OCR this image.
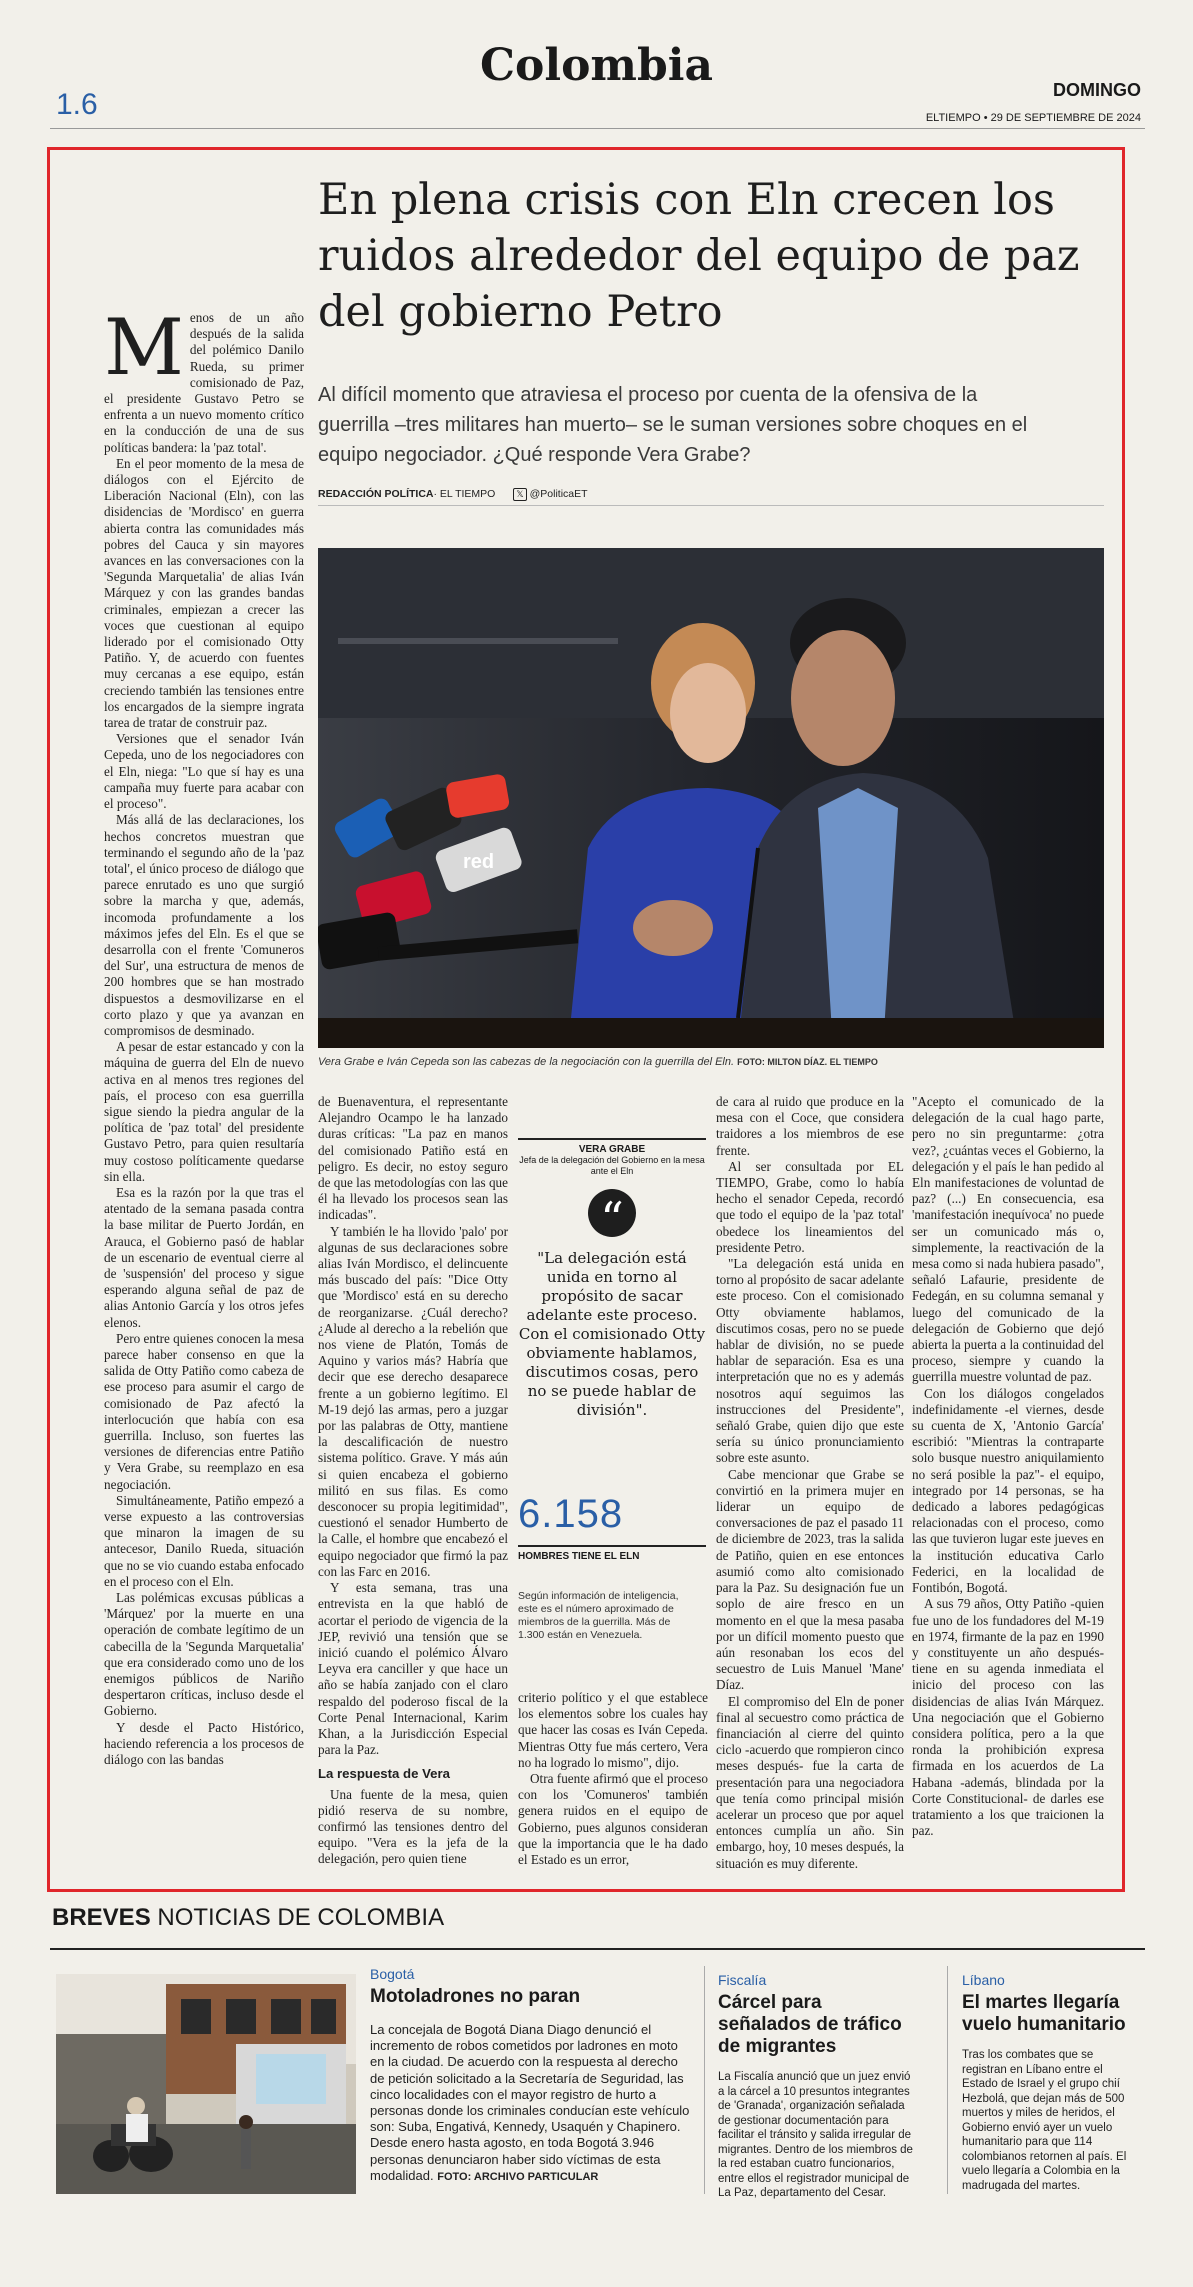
1.6
Colombia	DOMINGO
ELTIEMPO • 29 DE SEPTIEMBRE DE 2024
En plena crisis con Eln crecen los ruidos alrededor del equipo de paz del gobierno Petro
Al difícil momento que atraviesa el proceso por cuenta de la ofensiva de la guerrilla –tres militares han muerto– se le suman versiones sobre choques en el equipo negociador. ¿Qué responde Vera Grabe?
REDACCIÓN POLÍTICA· EL TIEMPO 𝕏 @PoliticaET
red
Vera Grabe e Iván Cepeda son las cabezas de la negociación con la guerrilla del Eln. FOTO: MILTON DÍAZ. EL TIEMPO

Menos de un año después de la salida del polémico Danilo Rueda, su primer comisionado de Paz, el presidente Gustavo Petro se enfrenta a un nuevo momento crítico en la conducción de una de sus políticas bandera: la 'paz total'.

En el peor momento de la mesa de diálogos con el Ejército de Liberación Nacional (Eln), con las disidencias de 'Mordisco' en guerra abierta contra las comunidades más pobres del Cauca y sin mayores avances en las conversaciones con la 'Segunda Marquetalia' de alias Iván Márquez y con las grandes bandas criminales, empiezan a crecer las voces que cuestionan al equipo liderado por el comisionado Otty Patiño. Y, de acuerdo con fuentes muy cercanas a ese equipo, están creciendo también las tensiones entre los encargados de la siempre ingrata tarea de tratar de construir paz.

Versiones que el senador Iván Cepeda, uno de los negociadores con el Eln, niega: "Lo que sí hay es una campaña muy fuerte para acabar con el proceso".

Más allá de las declaraciones, los hechos concretos muestran que terminando el segundo año de la 'paz total', el único proceso de diálogo que parece enrutado es uno que surgió sobre la marcha y que, además, incomoda profundamente a los máximos jefes del Eln. Es el que se desarrolla con el frente 'Comuneros del Sur', una estructura de menos de 200 hombres que se han mostrado dispuestos a desmovilizarse en el corto plazo y que ya avanzan en compromisos de desminado.

A pesar de estar estancado y con la máquina de guerra del Eln de nuevo activa en al menos tres regiones del país, el proceso con esa guerrilla sigue siendo la piedra angular de la política de 'paz total' del presidente Gustavo Petro, para quien resultaría muy costoso políticamente quedarse sin ella.

Esa es la razón por la que tras el atentado de la semana pasada contra la base militar de Puerto Jordán, en Arauca, el Gobierno pasó de hablar de un escenario de eventual cierre al de 'suspensión' del proceso y sigue esperando alguna señal de paz de alias Antonio García y los otros jefes elenos.

Pero entre quienes conocen la mesa parece haber consenso en que la salida de Otty Patiño como cabeza de ese proceso para asumir el cargo de comisionado de Paz afectó la interlocución que había con esa guerrilla. Incluso, son fuertes las versiones de diferencias entre Patiño y Vera Grabe, su reemplazo en esa negociación.

Simultáneamente, Patiño empezó a verse expuesto a las controversias que minaron la imagen de su antecesor, Danilo Rueda, situación que no se vio cuando estaba enfocado en el proceso con el Eln.

Las polémicas excusas públicas a 'Márquez' por la muerte en una operación de combate legítimo de un cabecilla de la 'Segunda Marquetalia' que era considerado como uno de los enemigos públicos de Nariño despertaron críticas, incluso desde el Gobierno.

Y desde el Pacto Histórico, haciendo referencia a los procesos de diálogo con las bandas

de Buenaventura, el representante Alejandro Ocampo le ha lanzado duras críticas: "La paz en manos del comisionado Patiño está en peligro. Es decir, no estoy seguro de que las metodologías con las que él ha llevado los procesos sean las indicadas".

Y también le ha llovido 'palo' por algunas de sus declaraciones sobre alias Iván Mordisco, el delincuente más buscado del país: "Dice Otty que 'Mordisco' está en su derecho de reorganizarse. ¿Cuál derecho? ¿Alude al derecho a la rebelión que nos viene de Platón, Tomás de Aquino y varios más? Habría que decir que ese derecho desaparece frente a un gobierno legítimo. El M-19 dejó las armas, pero a juzgar por las palabras de Otty, mantiene la descalificación de nuestro sistema político. Grave. Y más aún si quien encabeza el gobierno militó en sus filas. Es como desconocer su propia legitimidad", cuestionó el senador Humberto de la Calle, el hombre que encabezó el equipo negociador que firmó la paz con las Farc en 2016.

Y esta semana, tras una entrevista en la que habló de acortar el periodo de vigencia de la JEP, revivió una tensión que se inició cuando el polémico Álvaro Leyva era canciller y que hace un año se había zanjado con el claro respaldo del poderoso fiscal de la Corte Penal Internacional, Karim Khan, a la Jurisdicción Especial para la Paz.

La respuesta de Vera

Una fuente de la mesa, quien pidió reserva de su nombre, confirmó las tensiones dentro del equipo. "Vera es la jefa de la delegación, pero quien tiene

VERA GRABE
Jefa de la delegación del Gobierno en la mesa ante el Eln
“
"La delegación está unida en torno al propósito de sacar adelante este proceso. Con el comisionado Otty obviamente hablamos, discutimos cosas, pero no se puede hablar de división".
6.158
HOMBRES TIENE EL ELN
Según información de inteligencia, este es el número aproximado de miembros de la guerrilla. Más de 1.300 están en Venezuela.

criterio político y el que establece los elementos sobre los cuales hay que hacer las cosas es Iván Cepeda. Mientras Otty fue más certero, Vera no ha logrado lo mismo", dijo.

Otra fuente afirmó que el proceso con los 'Comuneros' también genera ruidos en el equipo de Gobierno, pues algunos consideran que la importancia que le ha dado el Estado es un error,

de cara al ruido que produce en la mesa con el Coce, que considera traidores a los miembros de ese frente.

Al ser consultada por EL TIEMPO, Grabe, como lo había hecho el senador Cepeda, recordó que todo el equipo de la 'paz total' obedece los lineamientos del presidente Petro.

"La delegación está unida en torno al propósito de sacar adelante este proceso. Con el comisionado Otty obviamente hablamos, discutimos cosas, pero no se puede hablar de división, no se puede hablar de separación. Esa es una interpretación que no es y además nosotros aquí seguimos las instrucciones del Presidente", señaló Grabe, quien dijo que este sería su único pronunciamiento sobre este asunto.

Cabe mencionar que Grabe se convirtió en la primera mujer en liderar un equipo de conversaciones de paz el pasado 11 de diciembre de 2023, tras la salida de Patiño, quien en ese entonces asumió como alto comisionado para la Paz. Su designación fue un soplo de aire fresco en un momento en el que la mesa pasaba por un difícil momento puesto que aún resonaban los ecos del secuestro de Luis Manuel 'Mane' Díaz.

El compromiso del Eln de poner final al secuestro como práctica de financiación al cierre del quinto ciclo -acuerdo que rompieron cinco meses después- fue la carta de presentación para una negociadora que tenía como principal misión acelerar un proceso que por aquel entonces cumplía un año. Sin embargo, hoy, 10 meses después, la situación es muy diferente.

"Acepto el comunicado de la delegación de la cual hago parte, pero no sin preguntarme: ¿otra vez?, ¿cuántas veces el Gobierno, la delegación y el país le han pedido al Eln manifestaciones de voluntad de paz? (...) En consecuencia, esa 'manifestación inequívoca' no puede ser un comunicado más o, simplemente, la reactivación de la mesa como si nada hubiera pasado", señaló Lafaurie, presidente de Fedegán, en su columna semanal y luego del comunicado de la delegación de Gobierno que dejó abierta la puerta a la continuidad del proceso, siempre y cuando la guerrilla muestre voluntad de paz.

Con los diálogos congelados indefinidamente -el viernes, desde su cuenta de X, 'Antonio García' escribió: "Mientras la contraparte solo busque nuestro aniquilamiento no será posible la paz"- el equipo, integrado por 14 personas, se ha dedicado a labores pedagógicas relacionadas con el proceso, como las que tuvieron lugar este jueves en la institución educativa Carlo Federici, en la localidad de Fontibón, Bogotá.

A sus 79 años, Otty Patiño -quien fue uno de los fundadores del M-19 en 1974, firmante de la paz en 1990 y constituyente un año después- tiene en su agenda inmediata el inicio del proceso con las disidencias de alias Iván Márquez. Una negociación que el Gobierno considera política, pero a la que ronda la prohibición expresa firmada en los acuerdos de La Habana -además, blindada por la Corte Constitucional- de darles ese tratamiento a los que traicionen la paz.

BREVES NOTICIAS DE COLOMBIA
Bogotá
Motoladrones no paran
La concejala de Bogotá Diana Diago denunció el incremento de robos cometidos por ladrones en moto en la ciudad. De acuerdo con la respuesta al derecho de petición solicitado a la Secretaría de Seguridad, las cinco localidades con el mayor registro de hurto a personas donde los criminales conducían este vehículo son: Suba, Engativá, Kennedy, Usaquén y Chapinero. Desde enero hasta agosto, en toda Bogotá 3.946 personas denunciaron haber sido víctimas de esta modalidad. FOTO: ARCHIVO PARTICULAR
Fiscalía
Cárcel para señalados de tráfico de migrantes
La Fiscalía anunció que un juez envió a la cárcel a 10 presuntos integrantes de 'Granada', organización señalada de gestionar documentación para facilitar el tránsito y salida irregular de migrantes. Dentro de los miembros de la red estaban cuatro funcionarios, entre ellos el registrador municipal de La Paz, departamento del Cesar.
Líbano
El martes llegaría vuelo humanitario
Tras los combates que se registran en Líbano entre el Estado de Israel y el grupo chií Hezbolá, que dejan más de 500 muertos y miles de heridos, el Gobierno envió ayer un vuelo humanitario para que 114 colombianos retornen al país. El vuelo llegaría a Colombia en la madrugada del martes.
